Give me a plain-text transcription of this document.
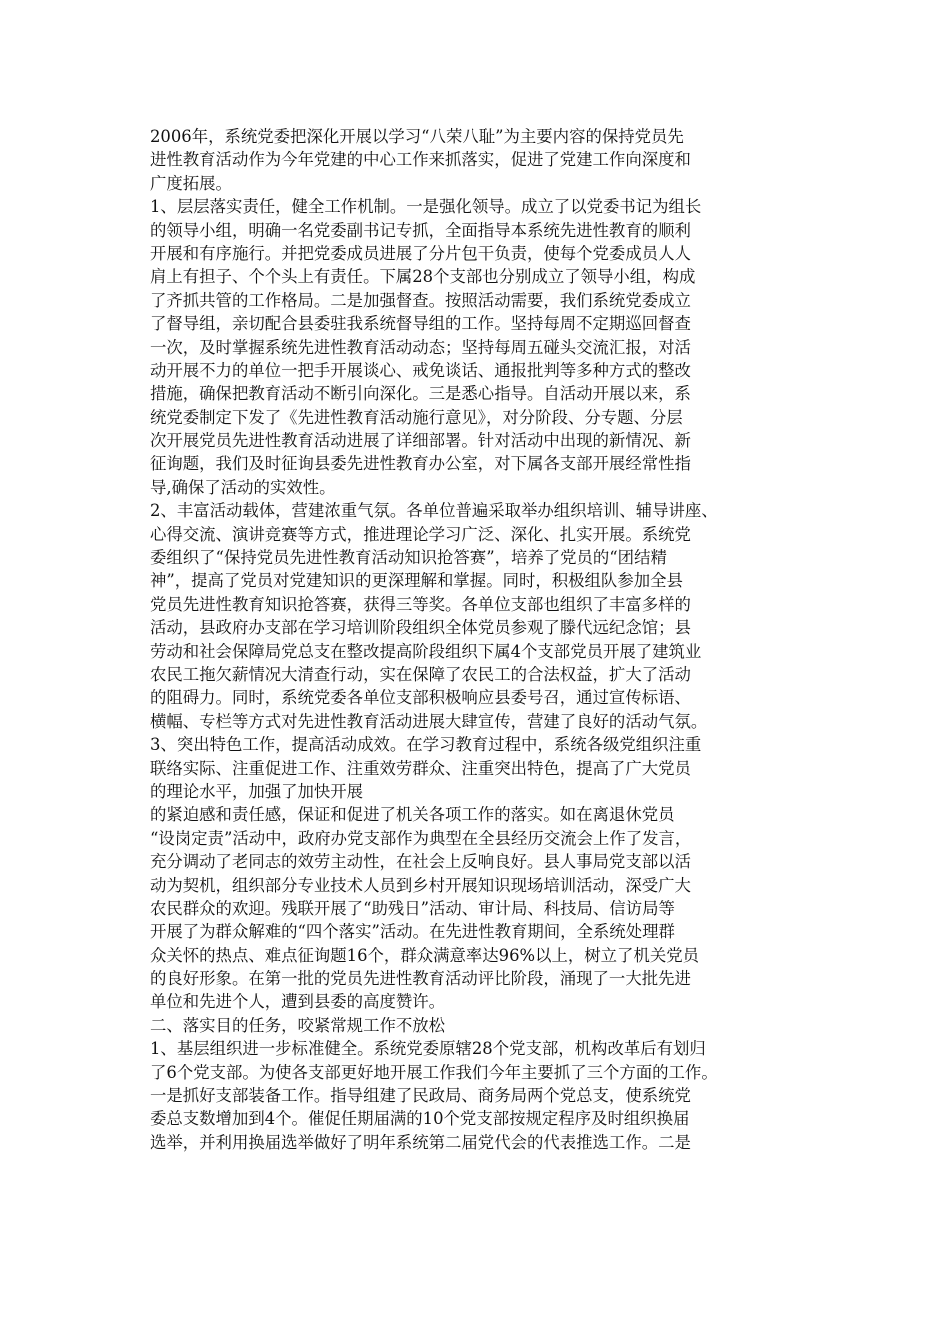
2006年，系统党委把深化开展以学习“八荣八耻”为主要内容的保持党员先
进性教育活动作为今年党建的中心工作来抓落实，促进了党建工作向深度和
广度拓展。
1、层层落实责任，健全工作机制。一是强化领导。成立了以党委书记为组长
的领导小组，明确一名党委副书记专抓，全面指导本系统先进性教育的顺利
开展和有序施行。并把党委成员进展了分片包干负责，使每个党委成员人人
肩上有担子、个个头上有责任。下属28个支部也分别成立了领导小组，构成
了齐抓共管的工作格局。二是加强督查。按照活动需要，我们系统党委成立
了督导组，亲切配合县委驻我系统督导组的工作。坚持每周不定期巡回督查
一次，及时掌握系统先进性教育活动动态；坚持每周五碰头交流汇报，对活
动开展不力的单位一把手开展谈心、戒免谈话、通报批判等多种方式的整改
措施，确保把教育活动不断引向深化。三是悉心指导。自活动开展以来，系
统党委制定下发了《先进性教育活动施行意见》，对分阶段、分专题、分层
次开展党员先进性教育活动进展了详细部署。针对活动中出现的新情况、新
征询题，我们及时征询县委先进性教育办公室，对下属各支部开展经常性指
导,确保了活动的实效性。
2、丰富活动载体，营建浓重气氛。各单位普遍采取举办组织培训、辅导讲座、
心得交流、演讲竞赛等方式，推进理论学习广泛、深化、扎实开展。系统党
委组织了“保持党员先进性教育活动知识抢答赛”，培养了党员的“团结精
神”，提高了党员对党建知识的更深理解和掌握。同时，积极组队参加全县
党员先进性教育知识抢答赛，获得三等奖。各单位支部也组织了丰富多样的
活动，县政府办支部在学习培训阶段组织全体党员参观了滕代远纪念馆；县
劳动和社会保障局党总支在整改提高阶段组织下属4个支部党员开展了建筑业
农民工拖欠薪情况大清查行动，实在保障了农民工的合法权益，扩大了活动
的阻碍力。同时，系统党委各单位支部积极响应县委号召，通过宣传标语、
横幅、专栏等方式对先进性教育活动进展大肆宣传，营建了良好的活动气氛。
3、突出特色工作，提高活动成效。在学习教育过程中，系统各级党组织注重
联络实际、注重促进工作、注重效劳群众、注重突出特色，提高了广大党员
的理论水平，加强了加快开展
的紧迫感和责任感，保证和促进了机关各项工作的落实。如在离退休党员
“设岗定责”活动中，政府办党支部作为典型在全县经历交流会上作了发言，
充分调动了老同志的效劳主动性，在社会上反响良好。县人事局党支部以活
动为契机，组织部分专业技术人员到乡村开展知识现场培训活动，深受广大
农民群众的欢迎。残联开展了“助残日”活动、审计局、科技局、信访局等
开展了为群众解难的“四个落实”活动。在先进性教育期间，全系统处理群
众关怀的热点、难点征询题16个，群众满意率达96%以上，树立了机关党员
的良好形象。在第一批的党员先进性教育活动评比阶段，涌现了一大批先进
单位和先进个人，遭到县委的高度赞许。
二、落实目的任务，咬紧常规工作不放松
1、基层组织进一步标准健全。系统党委原辖28个党支部，机构改革后有划归
了6个党支部。为使各支部更好地开展工作我们今年主要抓了三个方面的工作。
一是抓好支部装备工作。指导组建了民政局、商务局两个党总支，使系统党
委总支数增加到4个。催促任期届满的10个党支部按规定程序及时组织换届
选举，并利用换届选举做好了明年系统第二届党代会的代表推选工作。二是
